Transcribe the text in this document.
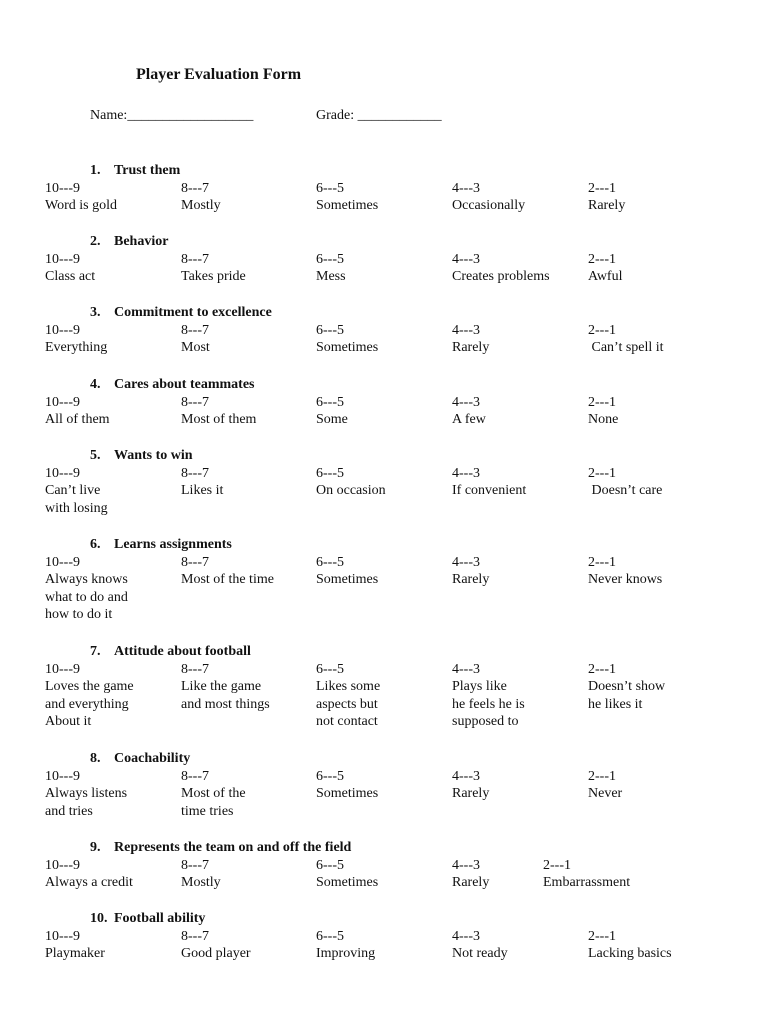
Player Evaluation Form
Name:__________________	Grade: ____________
1. Trust them
10---9
Word is gold
8---7
Mostly
6---5
Sometimes
4---3
Occasionally
2---1
Rarely
2. Behavior
10---9
Class act
8---7
Takes pride
6---5
Mess
4---3
Creates problems
2---1
Awful
3. Commitment to excellence
10---9
Everything
8---7
Most
6---5
Sometimes
4---3
Rarely
2---1
Can’t spell it
4. Cares about teammates
10---9
All of them
8---7
Most of them
6---5
Some
4---3
A few
2---1
None
5. Wants to win
10---9
Can’t live
with losing
8---7
Likes it
6---5
On occasion
4---3
If convenient
2---1
Doesn’t care
6. Learns assignments
10---9
Always knows
what to do and
how to do it
8---7
Most of the time
6---5
Sometimes
4---3
Rarely
2---1
Never knows
7. Attitude about football
10---9
Loves the game
and everything
About it
8---7
Like the game
and most things
6---5
Likes some
aspects but
not contact
4---3
Plays like
he feels he is
supposed to
2---1
Doesn’t show
he likes it
8. Coachability
10---9
Always listens
and tries
8---7
Most of the
time tries
6---5
Sometimes
4---3
Rarely
2---1
Never
9. Represents the team on and off the field
10---9
Always a credit
8---7
Mostly
6---5
Sometimes
4---3
Rarely
2---1
Embarrassment
10. Football ability
10---9
Playmaker
8---7
Good player
6---5
Improving
4---3
Not ready
2---1
Lacking basics
